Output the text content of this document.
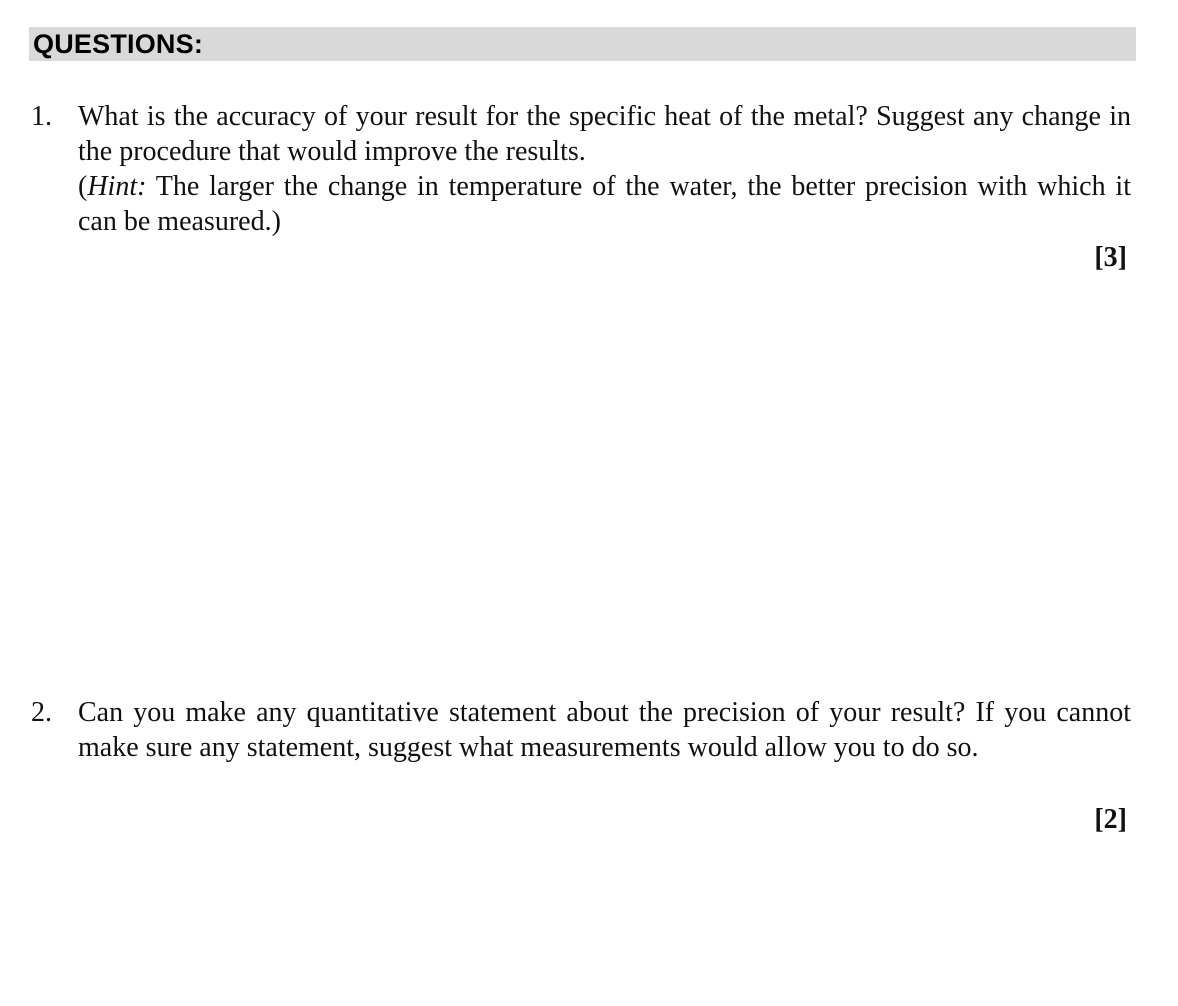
QUESTIONS:
1. What is the accuracy of your result for the specific heat of the metal? Suggest any change in the procedure that would improve the results.
(Hint: The larger the change in temperature of the water, the better precision with which it can be measured.)
[3]
2. Can you make any quantitative statement about the precision of your result? If you cannot make sure any statement, suggest what measurements would allow you to do so.
[2]
